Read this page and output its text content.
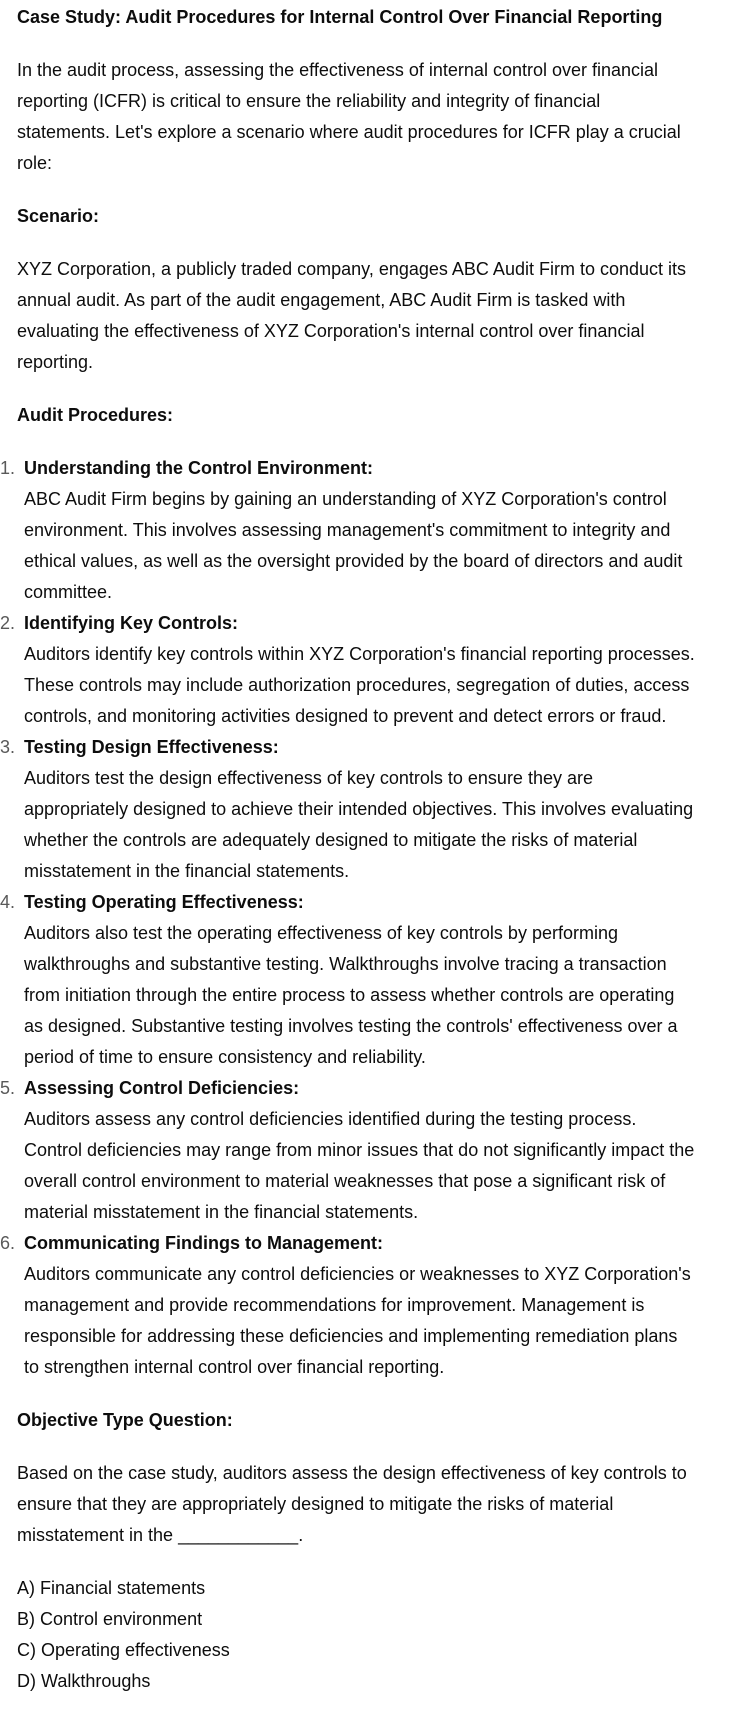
Case Study: Audit Procedures for Internal Control Over Financial Reporting

In the audit process, assessing the effectiveness of internal control over financial reporting (ICFR) is critical to ensure the reliability and integrity of financial statements. Let's explore a scenario where audit procedures for ICFR play a crucial role:

Scenario:

XYZ Corporation, a publicly traded company, engages ABC Audit Firm to conduct its annual audit. As part of the audit engagement, ABC Audit Firm is tasked with evaluating the effectiveness of XYZ Corporation's internal control over financial reporting.

Audit Procedures:

1. Understanding the Control Environment:
ABC Audit Firm begins by gaining an understanding of XYZ Corporation's control environment. This involves assessing management's commitment to integrity and ethical values, as well as the oversight provided by the board of directors and audit committee.
2. Identifying Key Controls:
Auditors identify key controls within XYZ Corporation's financial reporting processes. These controls may include authorization procedures, segregation of duties, access controls, and monitoring activities designed to prevent and detect errors or fraud.
3. Testing Design Effectiveness:
Auditors test the design effectiveness of key controls to ensure they are appropriately designed to achieve their intended objectives. This involves evaluating whether the controls are adequately designed to mitigate the risks of material misstatement in the financial statements.
4. Testing Operating Effectiveness:
Auditors also test the operating effectiveness of key controls by performing walkthroughs and substantive testing. Walkthroughs involve tracing a transaction from initiation through the entire process to assess whether controls are operating as designed. Substantive testing involves testing the controls' effectiveness over a period of time to ensure consistency and reliability.
5. Assessing Control Deficiencies:
Auditors assess any control deficiencies identified during the testing process. Control deficiencies may range from minor issues that do not significantly impact the overall control environment to material weaknesses that pose a significant risk of material misstatement in the financial statements.
6. Communicating Findings to Management:
Auditors communicate any control deficiencies or weaknesses to XYZ Corporation's management and provide recommendations for improvement. Management is responsible for addressing these deficiencies and implementing remediation plans to strengthen internal control over financial reporting.

Objective Type Question:

Based on the case study, auditors assess the design effectiveness of key controls to ensure that they are appropriately designed to mitigate the risks of material misstatement in the ____________.

A) Financial statements
B) Control environment
C) Operating effectiveness
D) Walkthroughs
